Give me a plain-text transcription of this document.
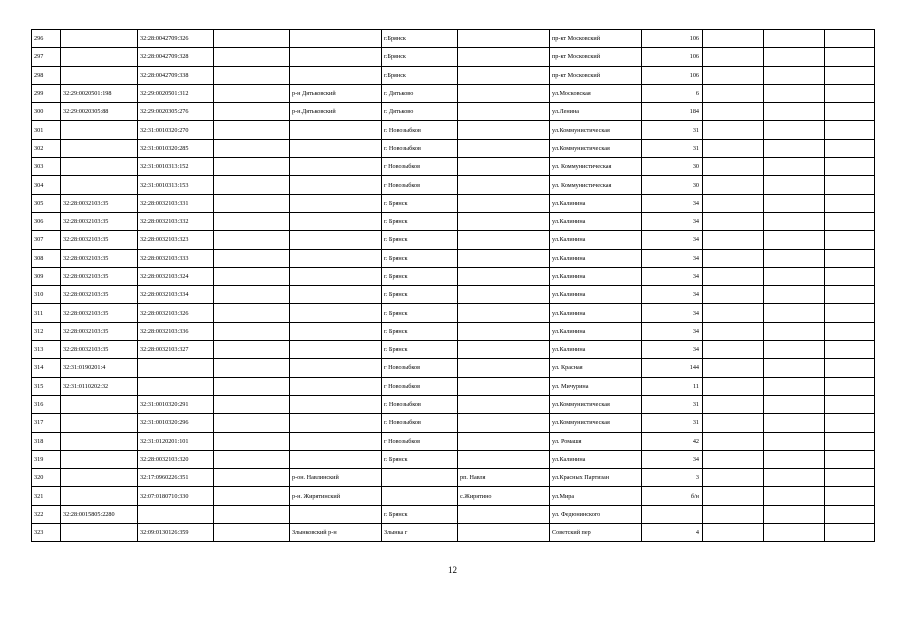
296		32:28:0042709:326			г.Брянск		пр-кт Московский	106			
297		32:28:0042709:328			г.Брянск		пр-кт Московский	106			
298		32:28:0042709:338			г.Брянск		пр-кт Московский	106			
299	32:29:0020501:198	32:29:0020501:312		р-н Дятьковский	г. Дятьково		ул.Московская	6			
300	32:29:0020305:88	32:29:0020305:276		р-н.Дятьковский	г. Дятьково		ул.Ленина	184			
301		32:31:0010320:270			г. Новозыбков		ул.Коммунистическая	31			
302		32:31:0010320:285			г. Новозыбков		ул.Коммунистическая	31			
303		32:31:0010313:152			г Новозыбков		ул. Коммунистическая	30			
304		32:31:0010313:153			г Новозыбков		ул. Коммунистическая	30			
305	32:28:0032103:35	32:28:0032103:331			г. Брянск		ул.Калинина	34			
306	32:28:0032103:35	32:28:0032103:332			г. Брянск		ул.Калинина	34			
307	32:28:0032103:35	32:28:0032103:323			г. Брянск		ул.Калинина	34			
308	32:28:0032103:35	32:28:0032103:333			г. Брянск		ул.Калинина	34			
309	32:28:0032103:35	32:28:0032103:324			г. Брянск		ул.Калинина	34			
310	32:28:0032103:35	32:28:0032103:334			г. Брянск		ул.Калинина	34			
311	32:28:0032103:35	32:28:0032103:326			г. Брянск		ул.Калинина	34			
312	32:28:0032103:35	32:28:0032103:336			г. Брянск		ул.Калинина	34			
313	32:28:0032103:35	32:28:0032103:327			г. Брянск		ул.Калинина	34			
314	32:31:0190201:4				г Новозыбков		ул. Красная	144			
315	32:31:0110202:32				г Новозыбков		ул. Мичурина	11			
316		32:31:0010320:291			г. Новозыбков		ул.Коммунистическая	31			
317		32:31:0010320:296			г. Новозыбков		ул.Коммунистическая	31			
318		32:31:0120201:101			г Новозыбков		ул. Ромашя	42			
319		32:28:0032103:320			г. Брянск		ул.Калинина	34			
320		32:17:0960226:351		р-он. Навлинский		рп. Навля	ул.Красных Партизан	3			
321		32:07:0180710:330		р-н. Жирятинский		с.Жирятино	ул.Мира	б/н			
322	32:28:0015805:2280				г. Брянск		ул. Федюнинского				
323		32:09:0130126:359		Злынковский р-н	Злынка г		Советский пер	4			
12
